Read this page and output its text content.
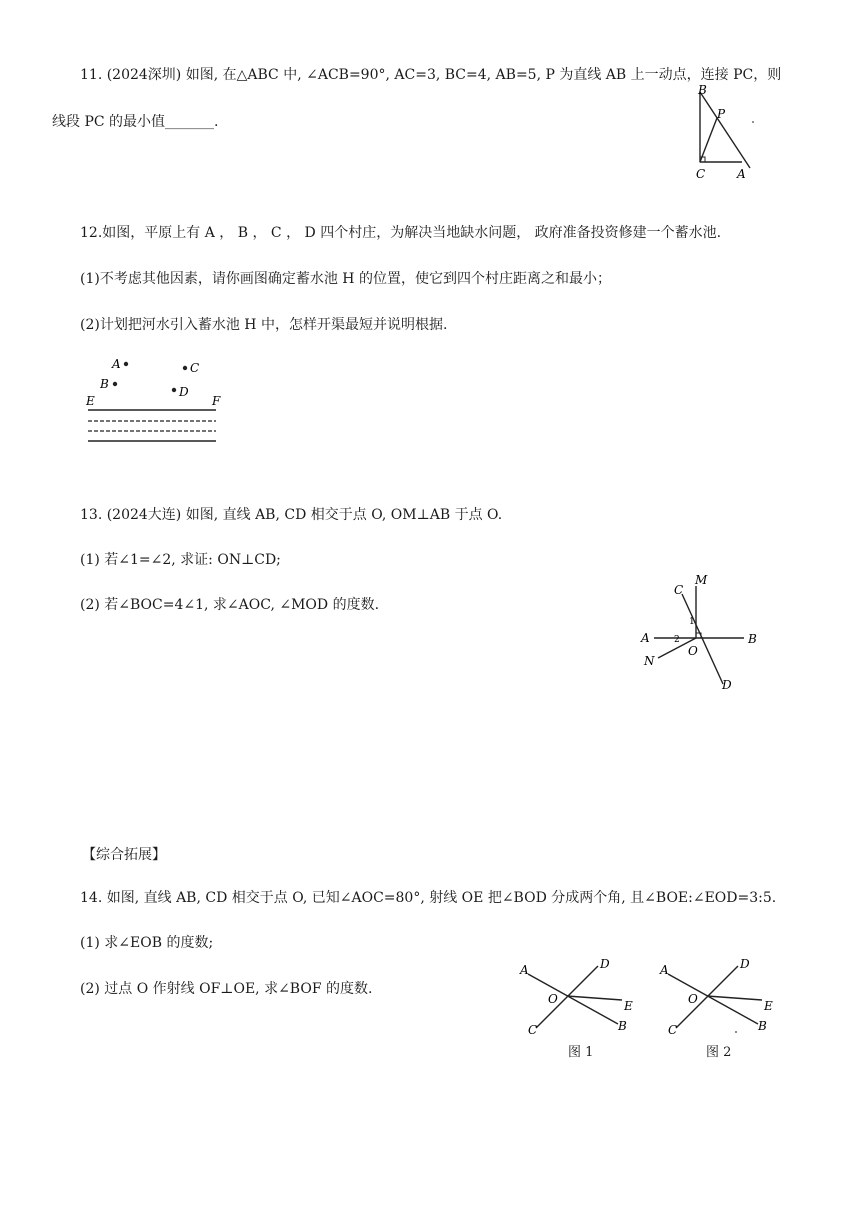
11. (2024深圳) 如图, 在△ABC 中, ∠ACB=90°, AC=3, BC=4, AB=5, P 为直线 AB 上一动点，连接 PC，则
线段 PC 的最小值_______.
B
P
C	A
12.如图，平原上有 A ， B ， C ， D 四个村庄，为解决当地缺水问题， 政府准备投资修建一个蓄水池.
(1)不考虑其他因素，请你画图确定蓄水池 H 的位置，使它到四个村庄距离之和最小；
(2)计划把河水引入蓄水池 H 中，怎样开渠最短并说明根据.
A
B
C
D
E	F
13. (2024大连) 如图, 直线 AB, CD 相交于点 O, OM⊥AB 于点 O.
(1) 若∠1=∠2, 求证: ON⊥CD;
(2) 若∠BOC=4∠1, 求∠AOC, ∠MOD 的度数.
C
M
A	B
N
O
D
1
2
【综合拓展】
14. 如图, 直线 AB, CD 相交于点 O, 已知∠AOC=80°, 射线 OE 把∠BOD 分成两个角, 且∠BOE:∠EOD=3:5.
(1) 求∠EOB 的度数;
(2) 过点 O 作射线 OF⊥OE, 求∠BOF 的度数.
A	D
O	E
C	B
图 1
A	D
O	E
C	B
图 2
